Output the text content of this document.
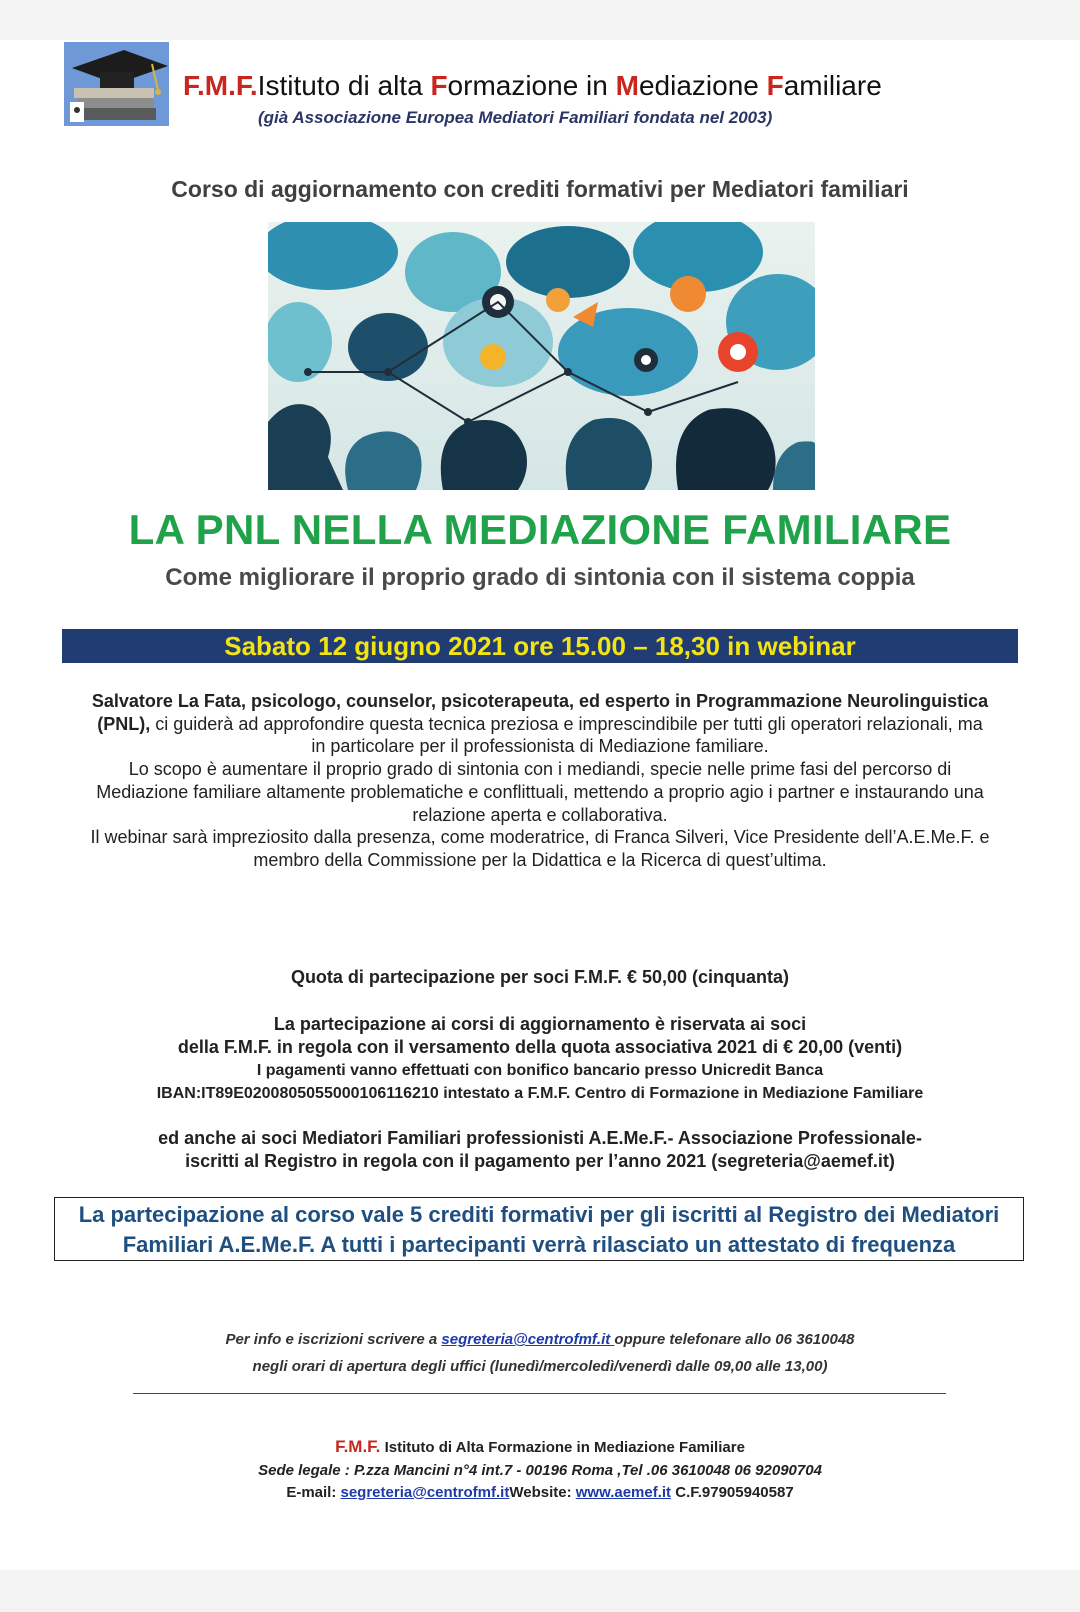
F.M.F.Istituto di alta Formazione in Mediazione Familiare
(già Associazione Europea Mediatori Familiari fondata nel 2003)
Corso di aggiornamento con crediti formativi per Mediatori familiari
LA PNL NELLA MEDIAZIONE FAMILIARE
Come migliorare il proprio grado di sintonia con il sistema coppia
Sabato 12 giugno 2021 ore 15.00 – 18,30 in webinar
Salvatore La Fata, psicologo, counselor, psicoterapeuta, ed esperto in Programmazione Neurolinguistica (PNL), ci guiderà ad approfondire questa tecnica preziosa e imprescindibile per tutti gli operatori relazionali, ma in particolare per il professionista di Mediazione familiare.
Lo scopo è aumentare il proprio grado di sintonia con i mediandi, specie nelle prime fasi del percorso di Mediazione familiare altamente problematiche e conflittuali, mettendo a proprio agio i partner e instaurando una relazione aperta e collaborativa.
Il webinar sarà impreziosito dalla presenza, come moderatrice, di Franca Silveri, Vice Presidente dell’A.E.Me.F. e membro della Commissione per la Didattica e la Ricerca di quest’ultima.
Quota di partecipazione per soci F.M.F. € 50,00 (cinquanta)
La partecipazione ai corsi di aggiornamento è riservata ai soci
della F.M.F. in regola con il versamento della quota associativa 2021 di € 20,00 (venti)
I pagamenti vanno effettuati con bonifico bancario presso Unicredit Banca
IBAN:IT89E0200805055000106116210 intestato a F.M.F. Centro di Formazione in Mediazione Familiare
ed anche ai soci Mediatori Familiari professionisti A.E.Me.F.- Associazione Professionale-
iscritti al Registro in regola con il pagamento per l’anno 2021 (segreteria@aemef.it)
La partecipazione al corso vale 5 crediti formativi per gli iscritti al Registro dei Mediatori
Familiari A.E.Me.F. A tutti i partecipanti verrà rilasciato un attestato di frequenza
Per info e iscrizioni scrivere a segreteria@centrofmf.it oppure telefonare allo 06 3610048
negli orari di apertura degli uffici (lunedì/mercoledì/venerdì dalle 09,00 alle 13,00)
F.M.F. Istituto di Alta Formazione in Mediazione Familiare
Sede legale : P.zza Mancini n°4 int.7 - 00196 Roma ,Tel .06 3610048 06 92090704
E-mail: segreteria@centrofmf.itWebsite: www.aemef.it C.F.97905940587
